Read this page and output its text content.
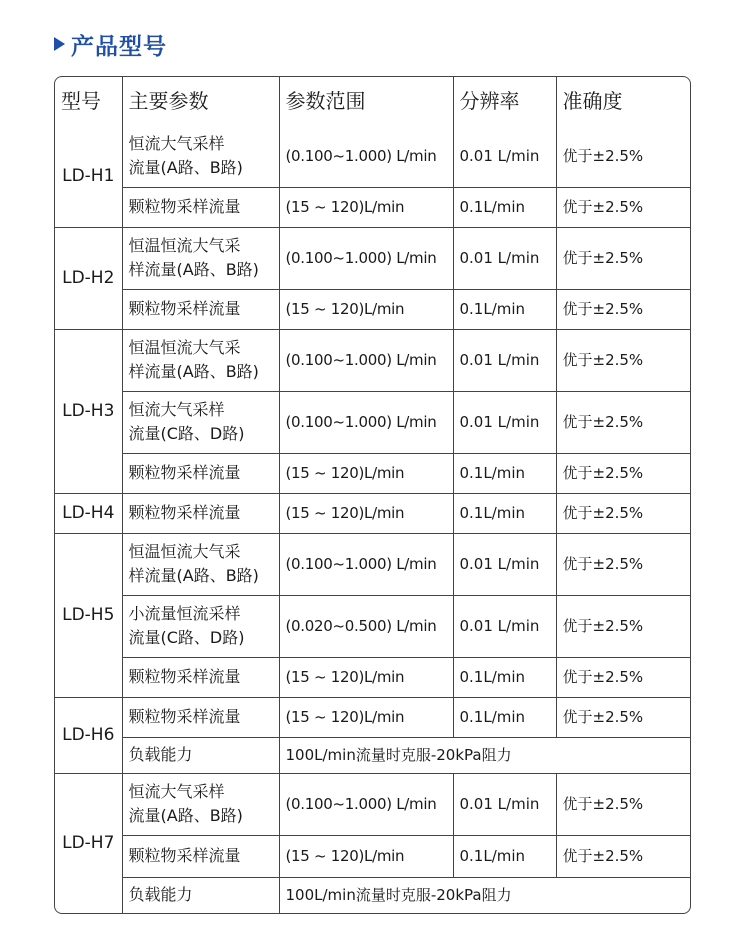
产品型号
型号	主要参数	参数范围	分辨率	准确度
LD-H1	恒流大气采样
流量(A路、B路)	(0.100~1.000) L/min	0.01 L/min	优于±2.5%

	颗粒物采样流量	(15 ~ 120)L/min	0.1L/min	优于±2.5%
LD-H2	恒温恒流大气采
样流量(A路、B路)	(0.100~1.000) L/min	0.01 L/min	优于±2.5%

	颗粒物采样流量	(15 ~ 120)L/min	0.1L/min	优于±2.5%
LD-H3	恒温恒流大气采
样流量(A路、B路)	(0.100~1.000) L/min	0.01 L/min	优于±2.5%

	恒流大气采样
流量(C路、D路)	(0.100~1.000) L/min	0.01 L/min	优于±2.5%

	颗粒物采样流量	(15 ~ 120)L/min	0.1L/min	优于±2.5%
LD-H4	颗粒物采样流量	(15 ~ 120)L/min	0.1L/min	优于±2.5%
LD-H5	恒温恒流大气采
样流量(A路、B路)	(0.100~1.000) L/min	0.01 L/min	优于±2.5%

	小流量恒流采样
流量(C路、D路)	(0.020~0.500) L/min	0.01 L/min	优于±2.5%

	颗粒物采样流量	(15 ~ 120)L/min	0.1L/min	优于±2.5%
LD-H6	颗粒物采样流量	(15 ~ 120)L/min	0.1L/min	优于±2.5%

	负载能力	100L/min流量时克服-20kPa阻力		
LD-H7	恒流大气采样
流量(A路、B路)	(0.100~1.000) L/min	0.01 L/min	优于±2.5%

	颗粒物采样流量	(15 ~ 120)L/min	0.1L/min	优于±2.5%

	负载能力	100L/min流量时克服-20kPa阻力		
